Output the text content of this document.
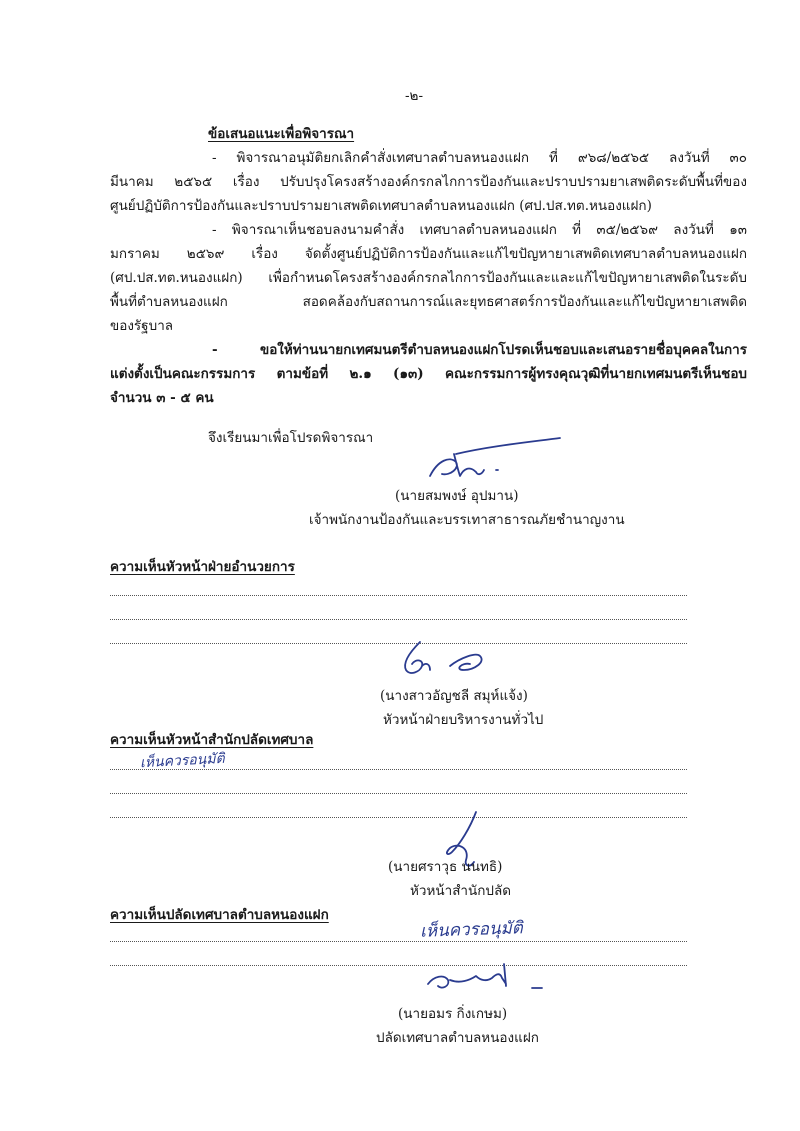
-๒-
ข้อเสนอแนะเพื่อพิจารณา
- พิจารณาอนุมัติยกเลิกคำสั่งเทศบาลตำบลหนองแฝก ที่ ๙๖๘/๒๕๖๕ ลงวันที่ ๓๐
มีนาคม ๒๕๖๕ เรื่อง ปรับปรุงโครงสร้างองค์กรกลไกการป้องกันและปราบปรามยาเสพติดระดับพื้นที่ของ
ศูนย์ปฏิบัติการป้องกันและปราบปรามยาเสพติดเทศบาลตำบลหนองแฝก (ศป.ปส.ทต.หนองแฝก)
- พิจารณาเห็นชอบลงนามคำสั่ง เทศบาลตำบลหนองแฝก ที่ ๓๕/๒๕๖๙ ลงวันที่ ๑๓
มกราคม ๒๕๖๙ เรื่อง จัดตั้งศูนย์ปฏิบัติการป้องกันและแก้ไขปัญหายาเสพติดเทศบาลตำบลหนองแฝก
(ศป.ปส.ทต.หนองแฝก) เพื่อกำหนดโครงสร้างองค์กรกลไกการป้องกันและและแก้ไขปัญหายาเสพติดในระดับ
พื้นที่ตำบลหนองแฝก สอดคล้องกับสถานการณ์และยุทธศาสตร์การป้องกันและแก้ไขปัญหายาเสพติด
ของรัฐบาล
- ขอให้ท่านนายกเทศมนตรีตำบลหนองแฝกโปรดเห็นชอบและเสนอรายชื่อบุคคลในการ
แต่งตั้งเป็นคณะกรรมการ ตามข้อที่ ๒.๑ (๑๓) คณะกรรมการผู้ทรงคุณวุฒิที่นายกเทศมนตรีเห็นชอบ
จำนวน ๓ - ๕ คน
จึงเรียนมาเพื่อโปรดพิจารณา
(นายสมพงษ์ อุปมาน)
เจ้าพนักงานป้องกันและบรรเทาสาธารณภัยชำนาญงาน
ความเห็นหัวหน้าฝ่ายอำนวยการ
(นางสาวอัญชลี สมุห์แจ้ง)
หัวหน้าฝ่ายบริหารงานทั่วไป
ความเห็นหัวหน้าสำนักปลัดเทศบาล
เห็นควรอนุมัติ
(นายศราวุธ นนทธิ)
หัวหน้าสำนักปลัด
ความเห็นปลัดเทศบาลตำบลหนองแฝก
เห็นควรอนุมัติ
(นายอมร กิ่งเกษม)
ปลัดเทศบาลตำบลหนองแฝก
